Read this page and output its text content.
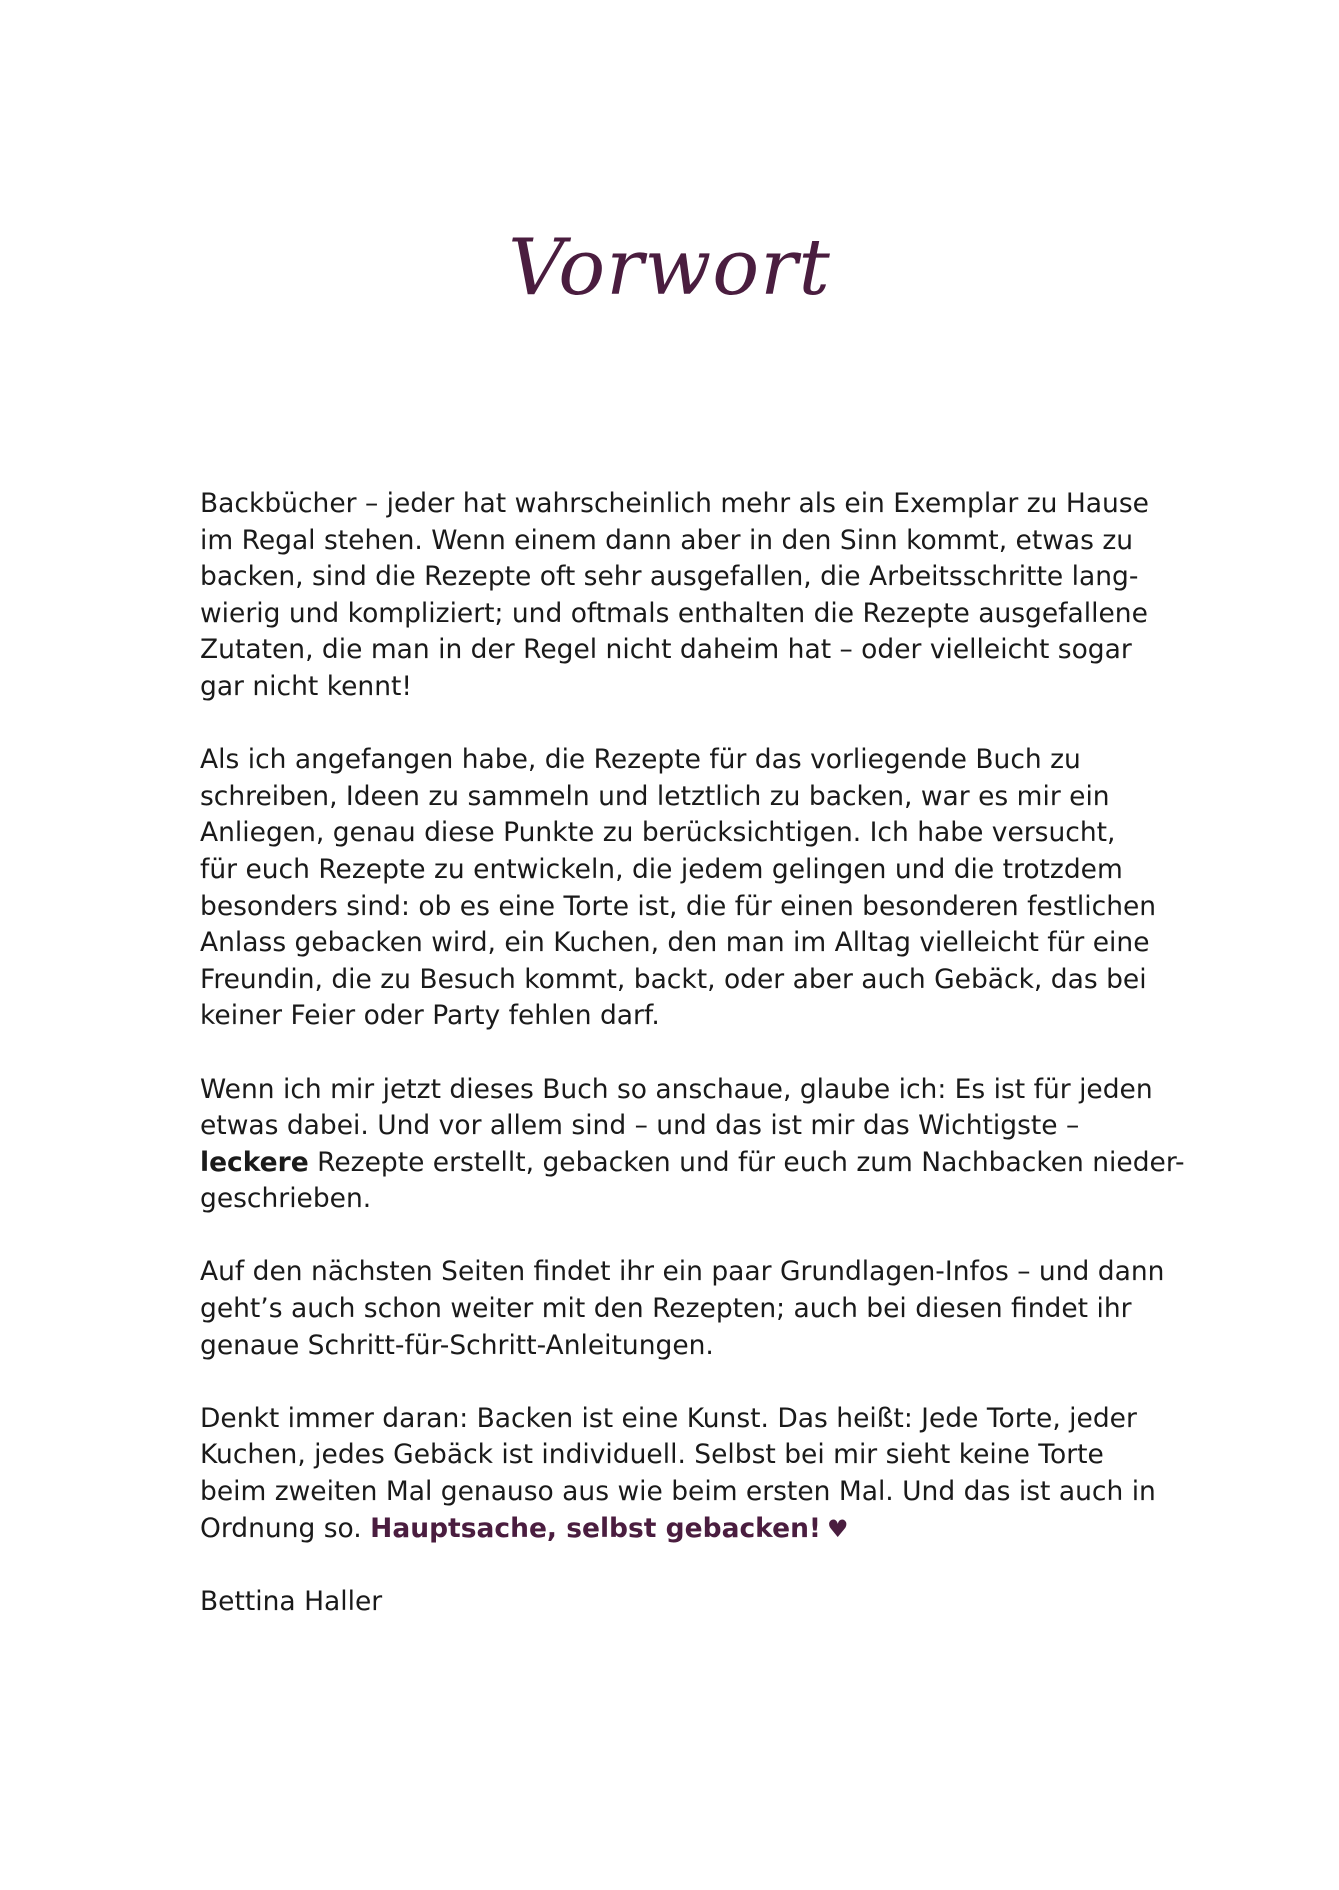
Vorwort

Backbücher – jeder hat wahrscheinlich mehr als ein Exemplar zu Hause
im Regal stehen. Wenn einem dann aber in den Sinn kommt, etwas zu
backen, sind die Rezepte oft sehr ausgefallen, die Arbeitsschritte lang-
wierig und kompliziert; und oftmals enthalten die Rezepte ausgefallene
Zutaten, die man in der Regel nicht daheim hat – oder vielleicht sogar
gar nicht kennt!

Als ich angefangen habe, die Rezepte für das vorliegende Buch zu
schreiben, Ideen zu sammeln und letztlich zu backen, war es mir ein
Anliegen, genau diese Punkte zu berücksichtigen. Ich habe versucht,
für euch Rezepte zu entwickeln, die jedem gelingen und die trotzdem
besonders sind: ob es eine Torte ist, die für einen besonderen festlichen
Anlass gebacken wird, ein Kuchen, den man im Alltag vielleicht für eine
Freundin, die zu Besuch kommt, backt, oder aber auch Gebäck, das bei
keiner Feier oder Party fehlen darf.

Wenn ich mir jetzt dieses Buch so anschaue, glaube ich: Es ist für jeden
etwas dabei. Und vor allem sind – und das ist mir das Wichtigste –
leckere Rezepte erstellt, gebacken und für euch zum Nachbacken nieder-
geschrieben.

Auf den nächsten Seiten findet ihr ein paar Grundlagen-Infos – und dann
geht’s auch schon weiter mit den Rezepten; auch bei diesen findet ihr
genaue Schritt-für-Schritt-Anleitungen.

Denkt immer daran: Backen ist eine Kunst. Das heißt: Jede Torte, jeder
Kuchen, jedes Gebäck ist individuell. Selbst bei mir sieht keine Torte
beim zweiten Mal genauso aus wie beim ersten Mal. Und das ist auch in
Ordnung so. Hauptsache, selbst gebacken! ♥

Bettina Haller
